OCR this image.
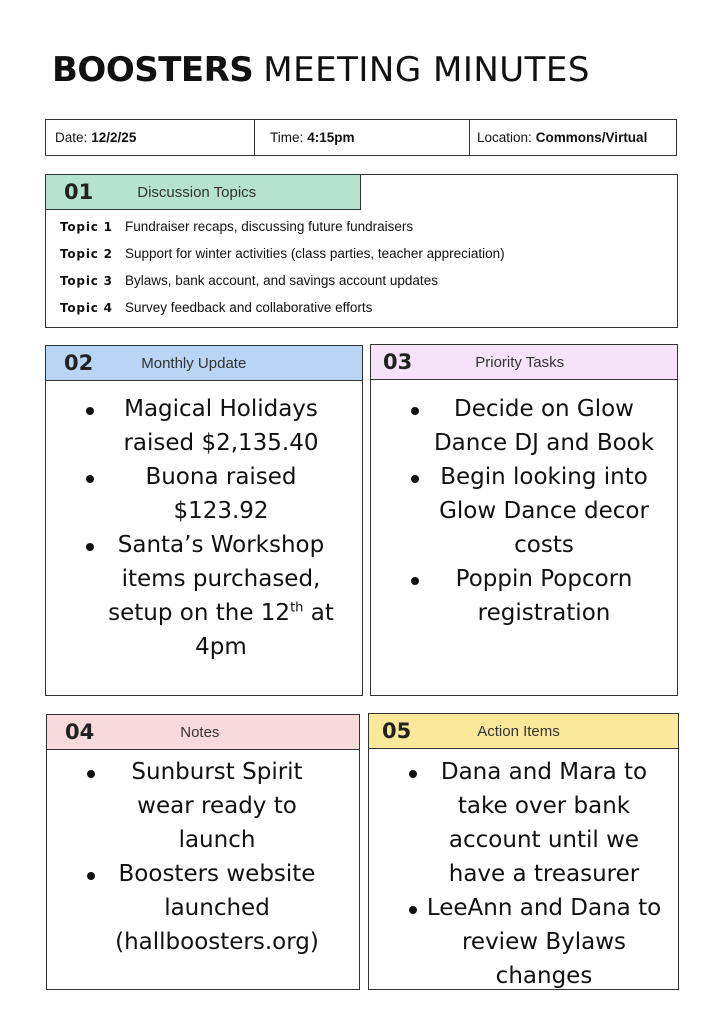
BOOSTERS MEETING MINUTES
Date: 12/2/25	Time: 4:15pm	Location: Commons/Virtual
01	Discussion Topics
Topic 1 Fundraiser recaps, discussing future fundraisers
Topic 2 Support for winter activities (class parties, teacher appreciation)
Topic 3 Bylaws, bank account, and savings account updates
Topic 4 Survey feedback and collaborative efforts
02	Monthly Update
Magical Holidays raised $2,135.40
Buona raised $123.92
Santa’s Workshop items purchased, setup on the 12th at 4pm
03	Priority Tasks
Decide on Glow Dance DJ and Book
Begin looking into Glow Dance decor costs
Poppin Popcorn registration
04	Notes
Sunburst Spirit wear ready to launch
Boosters website launched (hallboosters.org)
05	Action Items
Dana and Mara to take over bank account until we have a treasurer
LeeAnn and Dana to review Bylaws changes
